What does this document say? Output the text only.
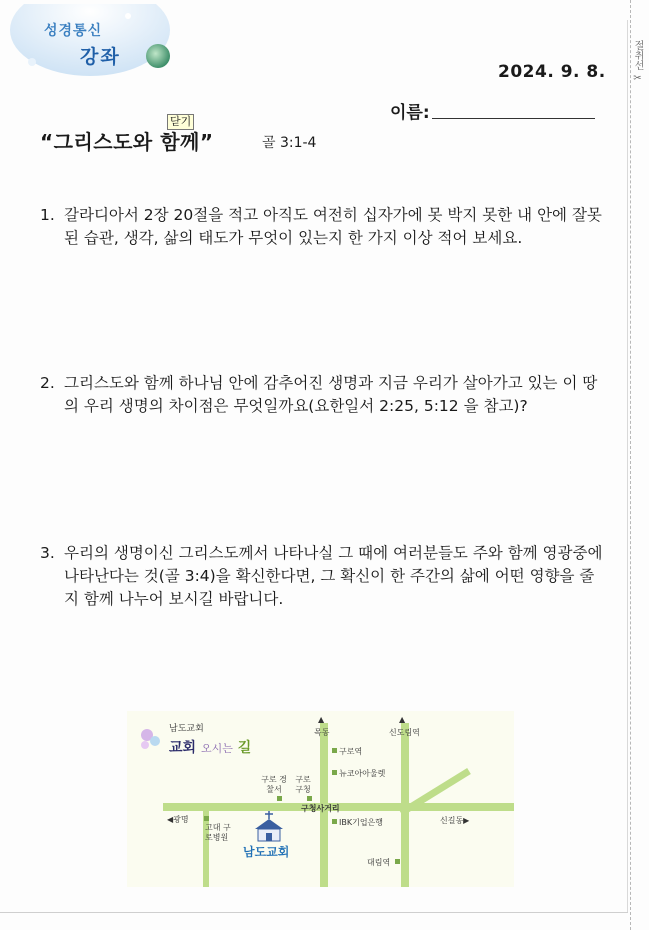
절취선 ✂
성경통신
강좌
2024. 9. 8.
이름:
닫기
“그리스도와 함께”	골 3:1-4
1. 갈라디아서 2장 20절을 적고 아직도 여전히 십자가에 못 박지 못한 내 안에 잘못된 습관, 생각, 삶의 태도가 무엇이 있는지 한 가지 이상 적어 보세요.
2. 그리스도와 함께 하나님 안에 감추어진 생명과 지금 우리가 살아가고 있는 이 땅의 우리 생명의 차이점은 무엇일까요(요한일서 2:25, 5:12 을 참고)?
3. 우리의 생명이신 그리스도께서 나타나실 그 때에 여러분들도 주와 함께 영광중에 나타난다는 것(골 3:4)을 확신한다면, 그 확신이 한 주간의 삶에 어떤 영향을 줄지 함께 나누어 보시길 바랍니다.
남도교회
교회 오시는 길
▲	▲
목동	신도림역
구로역
뉴코아아울렛
구로 경찰서
구로 구청
구청사거리
◀광명	IBK기업은행	신길동▶
고대 구로병원
남도교회
대림역
